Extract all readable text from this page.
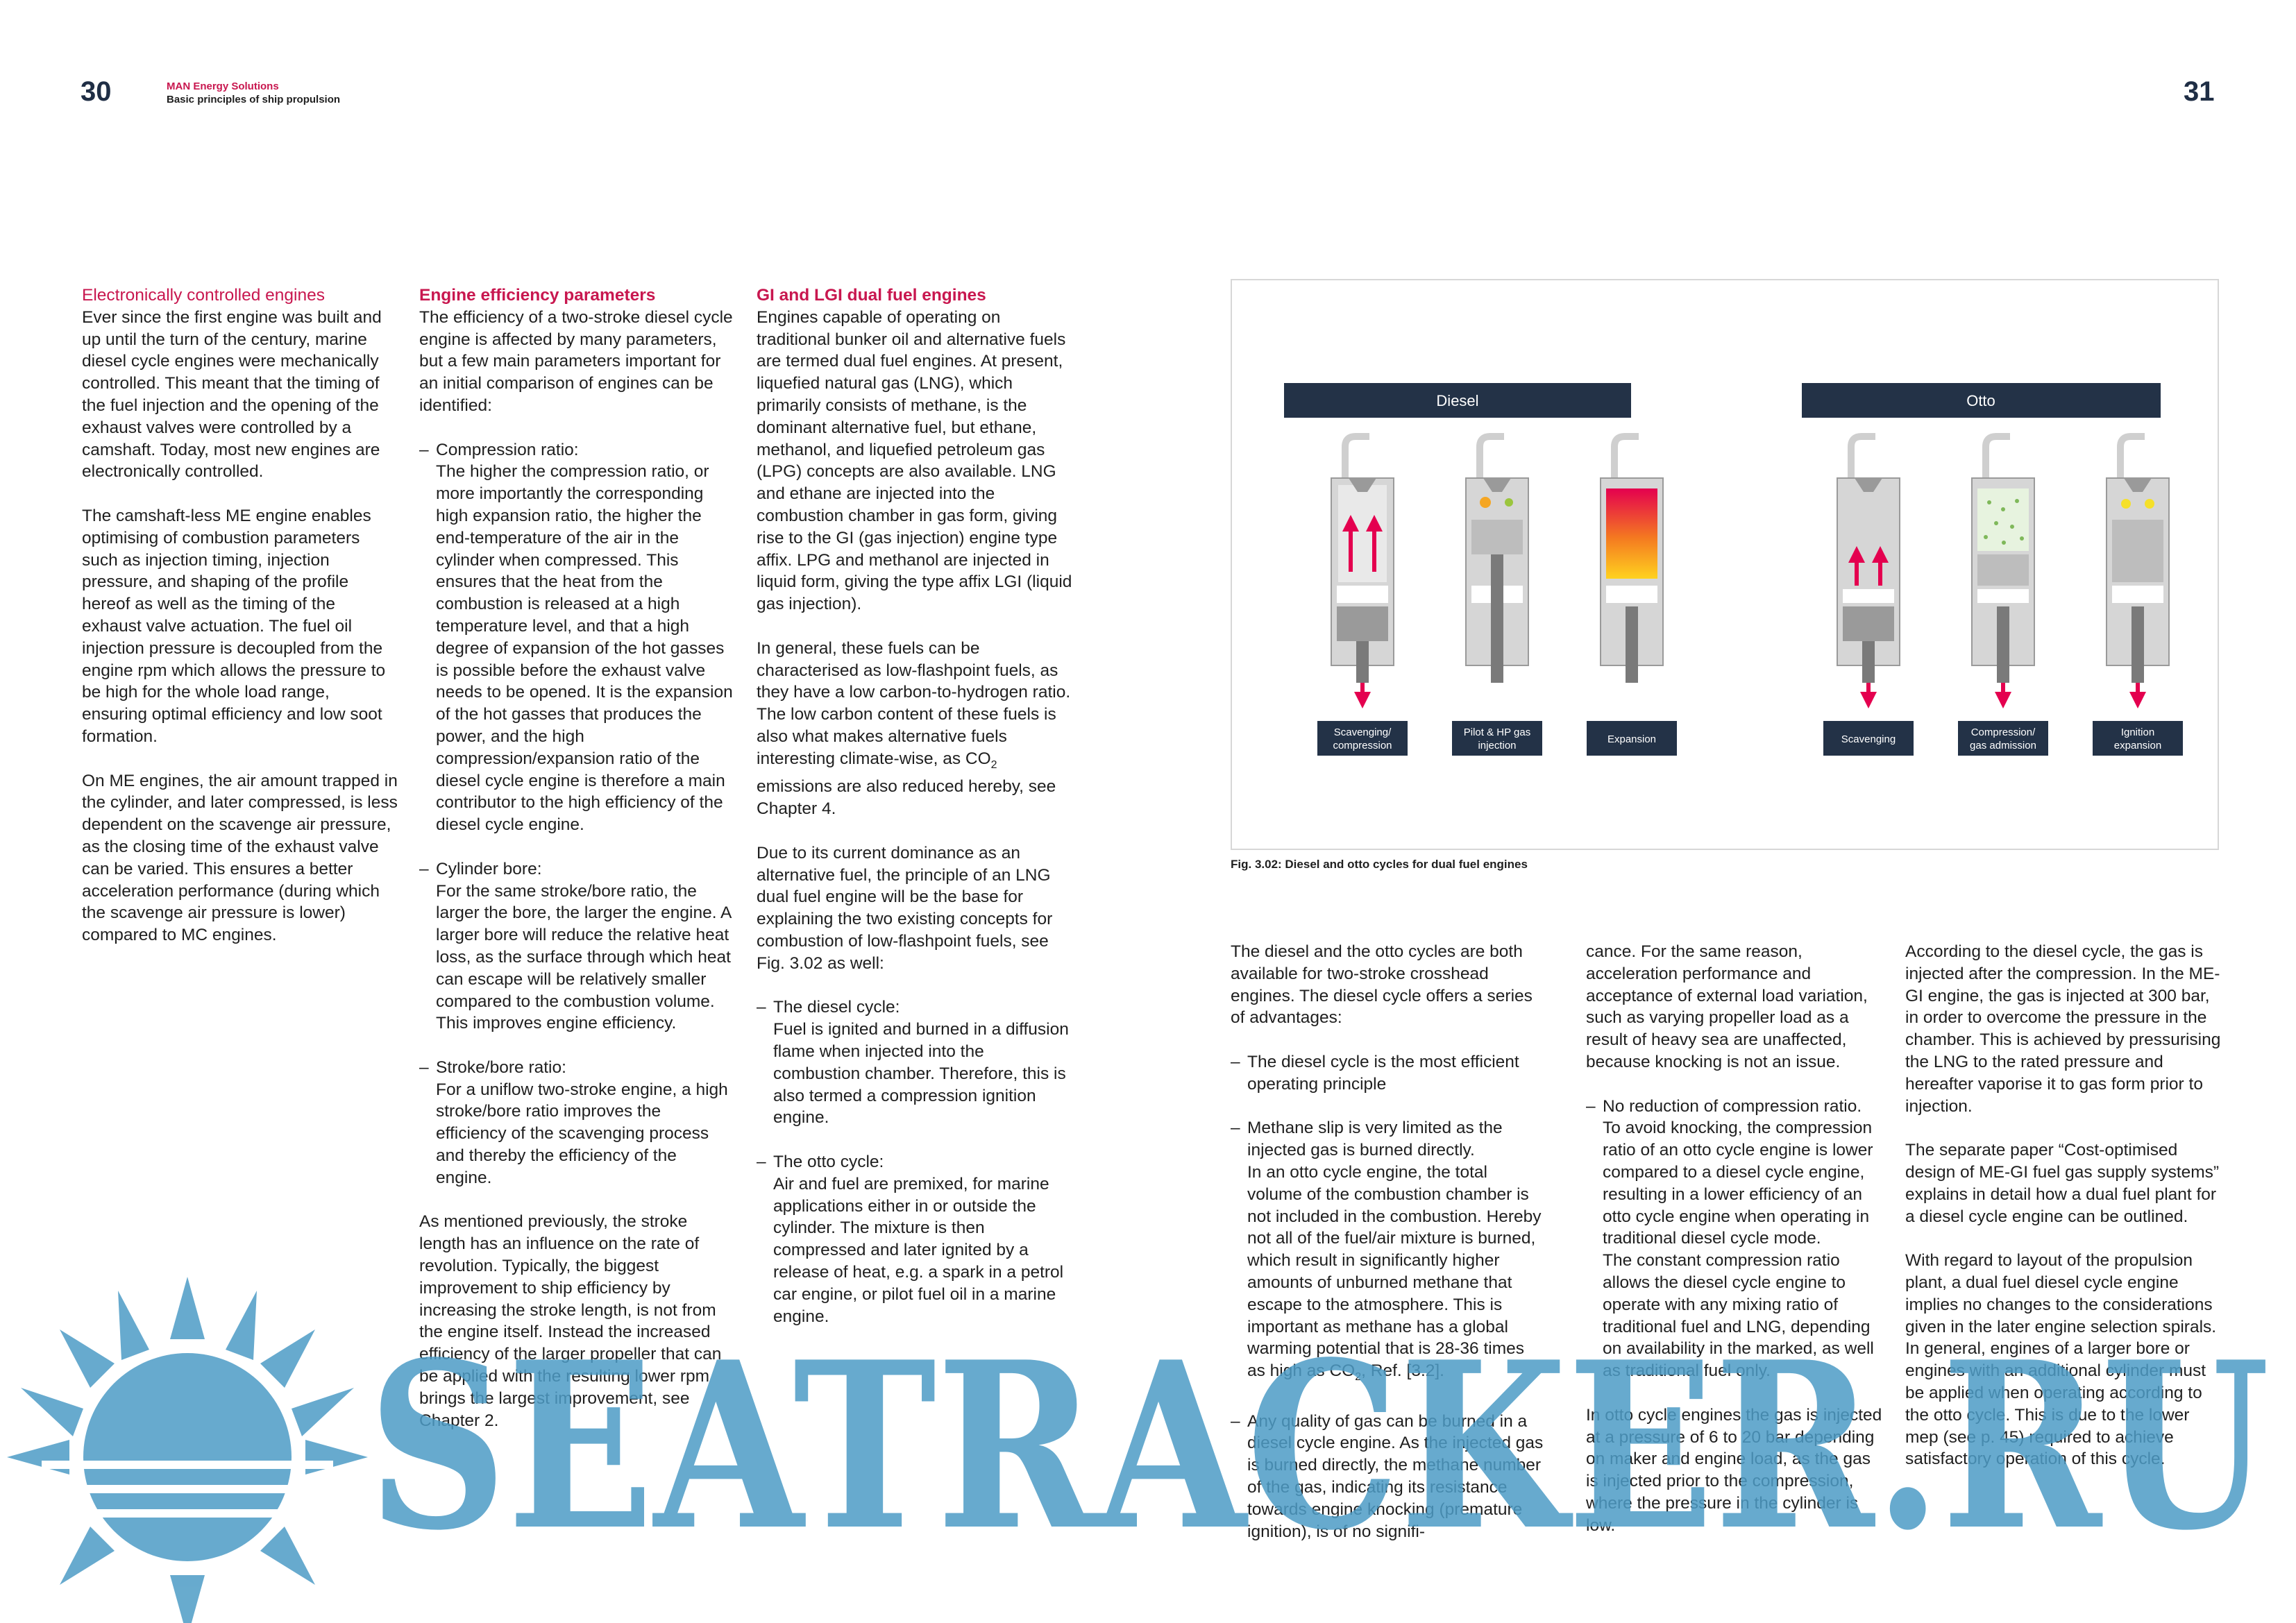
30	MAN Energy Solutions
Basic principles of ship propulsion	31
Electronically controlled engines

Ever since the first engine was built and up until the turn of the century, marine diesel cycle engines were mechanically controlled. This meant that the timing of the fuel injection and the opening of the exhaust valves were controlled by a camshaft. Today, most new engines are electronically controlled.

The camshaft-less ME engine enables optimising of combustion parameters such as injection timing, injection pressure, and shaping of the profile hereof as well as the timing of the exhaust valve actuation. The fuel oil injection pressure is decoupled from the engine rpm which allows the pressure to be high for the whole load range, ensuring optimal efficiency and low soot formation.

On ME engines, the air amount trapped in the cylinder, and later compressed, is less dependent on the scavenge air pressure, as the closing time of the exhaust valve can be varied. This ensures a better acceleration performance (during which the scavenge air pressure is lower) compared to MC engines.

Engine efficiency parameters

The efficiency of a two-stroke diesel cycle engine is affected by many parameters, but a few main parameters important for an initial comparison of engines can be identified:

– Compression ratio:
The higher the compression ratio, or more importantly the corresponding high expansion ratio, the higher the end-temperature of the air in the cylinder when compressed. This ensures that the heat from the combustion is released at a high temperature level, and that a high degree of expansion of the hot gasses is possible before the exhaust valve needs to be opened. It is the expansion of the hot gasses that produces the power, and the high compression/expansion ratio of the diesel cycle engine is therefore a main contributor to the high efficiency of the diesel cycle engine.
– Cylinder bore:
For the same stroke/bore ratio, the larger the bore, the larger the engine. A larger bore will reduce the relative heat loss, as the surface through which heat can escape will be relatively smaller compared to the combustion volume. This improves engine efficiency.
– Stroke/bore ratio:
For a uniflow two-stroke engine, a high stroke/bore ratio improves the efficiency of the scavenging process and thereby the efficiency of the engine.

As mentioned previously, the stroke length has an influence on the rate of revolution. Typically, the biggest improvement to ship efficiency by increasing the stroke length, is not from the engine itself. Instead the increased efficiency of the larger propeller that can be applied with the resulting lower rpm brings the largest improvement, see Chapter 2.

GI and LGI dual fuel engines

Engines capable of operating on traditional bunker oil and alternative fuels are termed dual fuel engines. At present, liquefied natural gas (LNG), which primarily consists of methane, is the dominant alternative fuel, but ethane, methanol, and liquefied petroleum gas (LPG) concepts are also available. LNG and ethane are injected into the combustion chamber in gas form, giving rise to the GI (gas injection) engine type affix. LPG and methanol are injected in liquid form, giving the type affix LGI (liquid gas injection).

In general, these fuels can be characterised as low-flashpoint fuels, as they have a low carbon-to-hydrogen ratio. The low carbon content of these fuels is also what makes alternative fuels interesting climate-wise, as $CO_2$ emissions are also reduced hereby, see Chapter 4.

Due to its current dominance as an alternative fuel, the principle of an LNG dual fuel engine will be the base for explaining the two existing concepts for combustion of low-flashpoint fuels, see Fig. 3.02 as well:

– The diesel cycle:
Fuel is ignited and burned in a diffusion flame when injected into the combustion chamber. Therefore, this is also termed a compression ignition engine.
– The otto cycle:
Air and fuel are premixed, for marine applications either in or outside the cylinder. The mixture is then compressed and later ignited by a release of heat, e.g. a spark in a petrol car engine, or pilot fuel oil in a marine engine.
Diesel	Otto
Scavenging/
compression
Pilot & HP gas
injection
Expansion	Scavenging
Compression/
gas admission
Ignition
expansion
Fig. 3.02: Diesel and otto cycles for dual fuel engines

The diesel and the otto cycles are both available for two-stroke crosshead engines. The diesel cycle offers a series of advantages:

– The diesel cycle is the most efficient operating principle
– Methane slip is very limited as the injected gas is burned directly.
In an otto cycle engine, the total volume of the combustion chamber is not included in the combustion. Hereby not all of the fuel/air mixture is burned, which result in significantly higher amounts of unburned methane that escape to the atmosphere. This is important as methane has a global warming potential that is 28-36 times as high as $CO_2$, Ref. [3.2].
– Any quality of gas can be burned in a diesel cycle engine. As the injected gas is burned directly, the methane number of the gas, indicating its resistance towards engine knocking (premature ignition), is of no signifi-

cance. For the same reason, acceleration performance and acceptance of external load variation, such as varying propeller load as a result of heavy sea are unaffected, because knocking is not an issue.

– No reduction of compression ratio.
To avoid knocking, the compression ratio of an otto cycle engine is lower compared to a diesel cycle engine, resulting in a lower efficiency of an otto cycle engine when operating in traditional diesel cycle mode.
The constant compression ratio allows the diesel cycle engine to operate with any mixing ratio of traditional fuel and LNG, depending on availability in the marked, as well as traditional fuel only.

In otto cycle engines the gas is injected at a pressure of 6 to 20 bar depending on maker and engine load, as the gas is injected prior to the compression, where the pressure in the cylinder is low.

According to the diesel cycle, the gas is injected after the compression. In the ME-GI engine, the gas is injected at 300 bar, in order to overcome the pressure in the chamber. This is achieved by pressurising the LNG to the rated pressure and hereafter vaporise it to gas form prior to injection.

The separate paper “Cost-optimised design of ME-GI fuel gas supply systems” explains in detail how a dual fuel plant for a diesel cycle engine can be outlined.

With regard to layout of the propulsion plant, a dual fuel diesel cycle engine implies no changes to the considerations given in the later engine selection spirals. In general, engines of a larger bore or engines with an additional cylinder must be applied when operating according to the otto cycle. This is due to the lower mep (see p. 45) required to achieve satisfactory operation of this cycle.

SEATRACKER.RU
